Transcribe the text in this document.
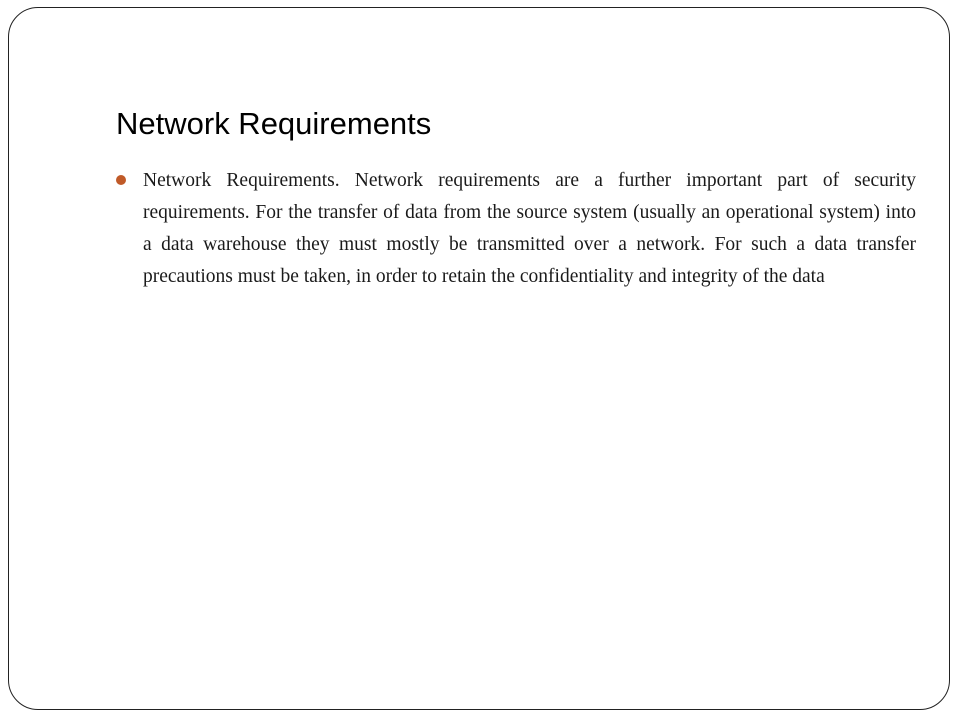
Network Requirements
Network Requirements. Network requirements are a further important part of security requirements. For the transfer of data from the source system (usually an operational system) into a data warehouse they must mostly be transmitted over a network. For such a data transfer precautions must be taken, in order to retain the confidentiality and integrity of the data
